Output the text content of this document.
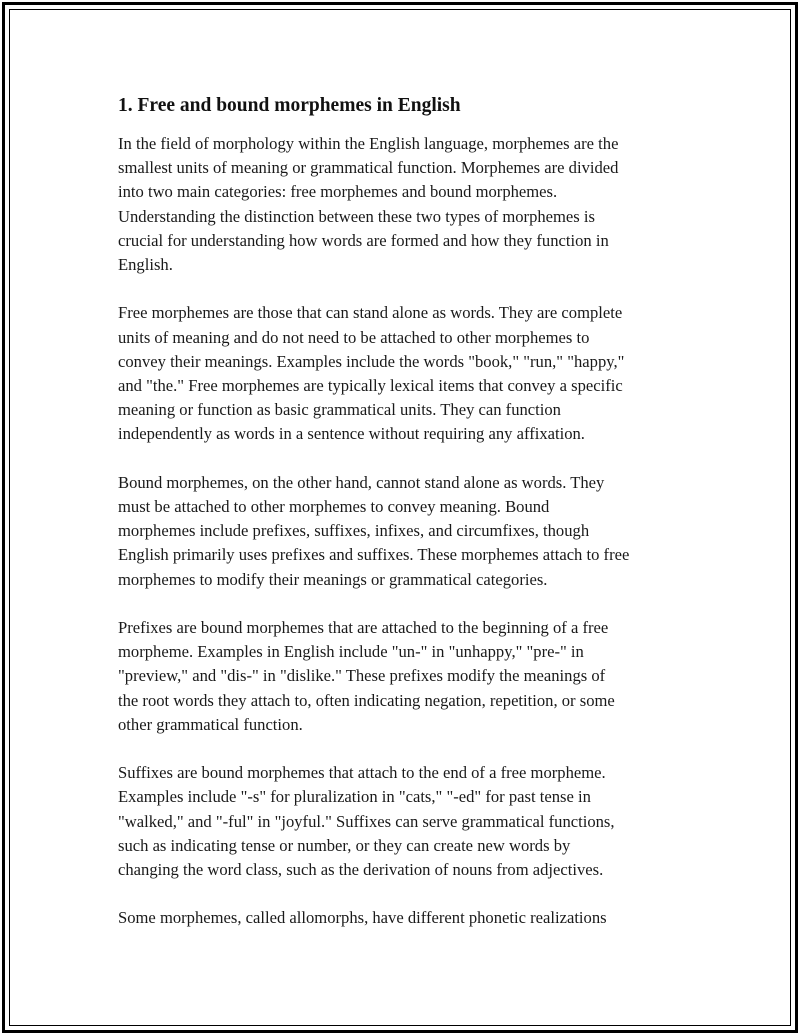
1. Free and bound morphemes in English

In the field of morphology within the English language, morphemes are the
smallest units of meaning or grammatical function. Morphemes are divided
into two main categories: free morphemes and bound morphemes.
Understanding the distinction between these two types of morphemes is
crucial for understanding how words are formed and how they function in
English.

Free morphemes are those that can stand alone as words. They are complete
units of meaning and do not need to be attached to other morphemes to
convey their meanings. Examples include the words "book," "run," "happy,"
and "the." Free morphemes are typically lexical items that convey a specific
meaning or function as basic grammatical units. They can function
independently as words in a sentence without requiring any affixation.

Bound morphemes, on the other hand, cannot stand alone as words. They
must be attached to other morphemes to convey meaning. Bound
morphemes include prefixes, suffixes, infixes, and circumfixes, though
English primarily uses prefixes and suffixes. These morphemes attach to free
morphemes to modify their meanings or grammatical categories.

Prefixes are bound morphemes that are attached to the beginning of a free
morpheme. Examples in English include "un-" in "unhappy," "pre-" in
"preview," and "dis-" in "dislike." These prefixes modify the meanings of
the root words they attach to, often indicating negation, repetition, or some
other grammatical function.

Suffixes are bound morphemes that attach to the end of a free morpheme.
Examples include "-s" for pluralization in "cats," "-ed" for past tense in
"walked," and "-ful" in "joyful." Suffixes can serve grammatical functions,
such as indicating tense or number, or they can create new words by
changing the word class, such as the derivation of nouns from adjectives.

Some morphemes, called allomorphs, have different phonetic realizations
